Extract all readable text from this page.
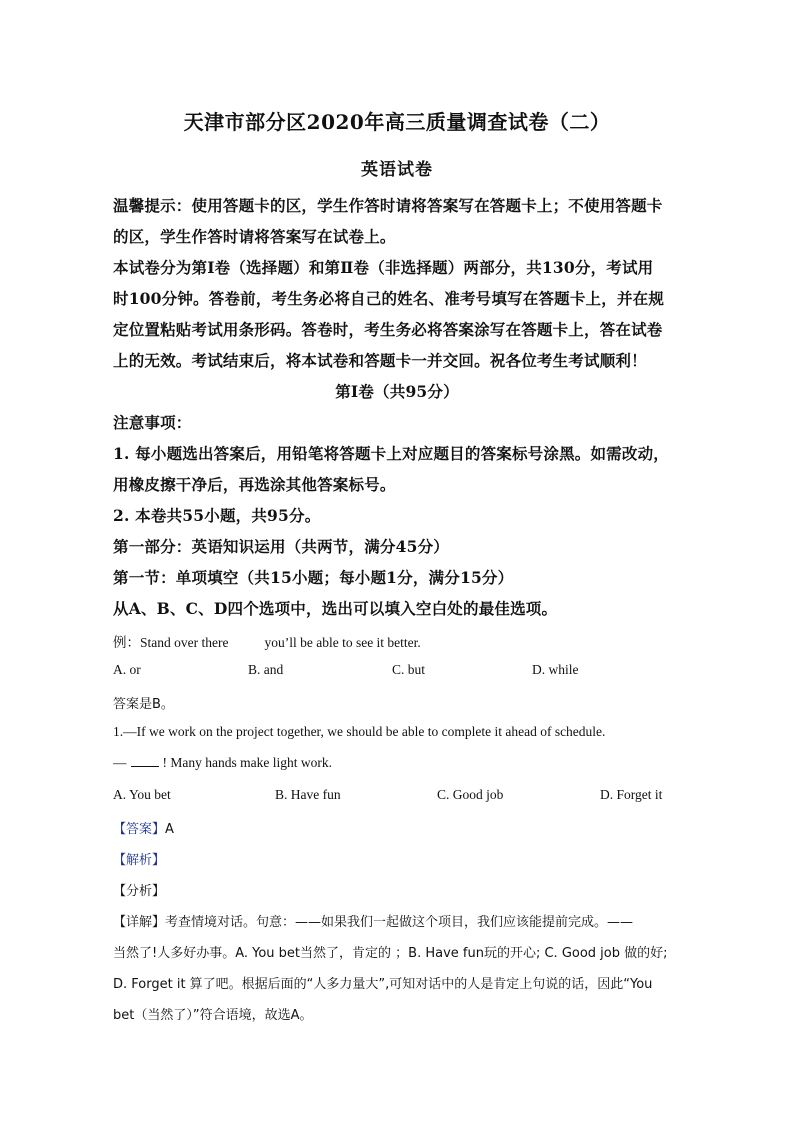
天津市部分区2020年高三质量调查试卷（二）
英语试卷
温馨提示：使用答题卡的区，学生作答时请将答案写在答题卡上；不使用答题卡
的区，学生作答时请将答案写在试卷上。
本试卷分为第Ⅰ卷（选择题）和第Ⅱ卷（非选择题）两部分，共130分，考试用
时100分钟。答卷前，考生务必将自己的姓名、准考号填写在答题卡上，并在规
定位置粘贴考试用条形码。答卷时，考生务必将答案涂写在答题卡上，答在试卷
上的无效。考试结束后，将本试卷和答题卡一并交回。祝各位考生考试顺利！
第Ⅰ卷（共95分）
注意事项：
1. 每小题选出答案后，用铅笔将答题卡上对应题目的答案标号涂黑。如需改动，
用橡皮擦干净后，再选涂其他答案标号。
2. 本卷共55小题，共95分。
第一部分：英语知识运用（共两节，满分45分）
第一节：单项填空（共15小题；每小题1分，满分15分）
从A、B、C、D四个选项中，选出可以填入空白处的最佳选项。
例：Stand over there	you’ll be able to see it better.
A. or	B. and	C. but	D. while
答案是B。
1.—If we work on the project together, we should be able to complete it ahead of schedule.
—	! Many hands make light work.
A. You bet	B. Have fun	C. Good job	D. Forget it
【答案】A
【解析】
【分析】
【详解】考查情境对话。句意：——如果我们一起做这个项目，我们应该能提前完成。——
当然了!人多好办事。A. You bet当然了，肯定的 ；B. Have fun玩的开心; C. Good job 做的好;
D. Forget it 算了吧。根据后面的“人多力量大”,可知对话中的人是肯定上句说的话，因此“You
bet（当然了）”符合语境，故选A。
